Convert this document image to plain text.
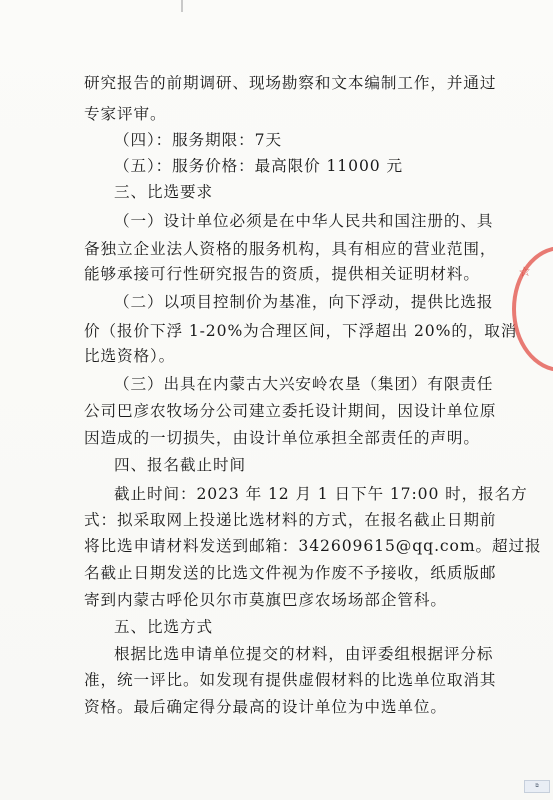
研究报告的前期调研、现场勘察和文本编制工作，并通过
专家评审。
（四）：服务期限：7天
（五）：服务价格：最高限价 11000 元
三、比选要求
（一）设计单位必须是在中华人民共和国注册的、具
备独立企业法人资格的服务机构，具有相应的营业范围，
能够承接可行性研究报告的资质，提供相关证明材料。
（二）以项目控制价为基准，向下浮动，提供比选报
价（报价下浮 1-20%为合理区间，下浮超出 20%的，取消
比选资格）。
（三）出具在内蒙古大兴安岭农垦（集团）有限责任
公司巴彦农牧场分公司建立委托设计期间，因设计单位原
因造成的一切损失，由设计单位承担全部责任的声明。
四、报名截止时间
截止时间：2023 年 12 月 1 日下午 17:00 时，报名方
式：拟采取网上投递比选材料的方式，在报名截止日期前
将比选申请材料发送到邮箱：342609615@qq.com。超过报
名截止日期发送的比选文件视为作废不予接收，纸质版邮
寄到内蒙古呼伦贝尔市莫旗巴彦农场场部企管科。
五、比选方式
根据比选申请单位提交的材料，由评委组根据评分标
准，统一评比。如发现有提供虚假材料的比选单位取消其
资格。最后确定得分最高的设计单位为中选单位。
☆
⧉
